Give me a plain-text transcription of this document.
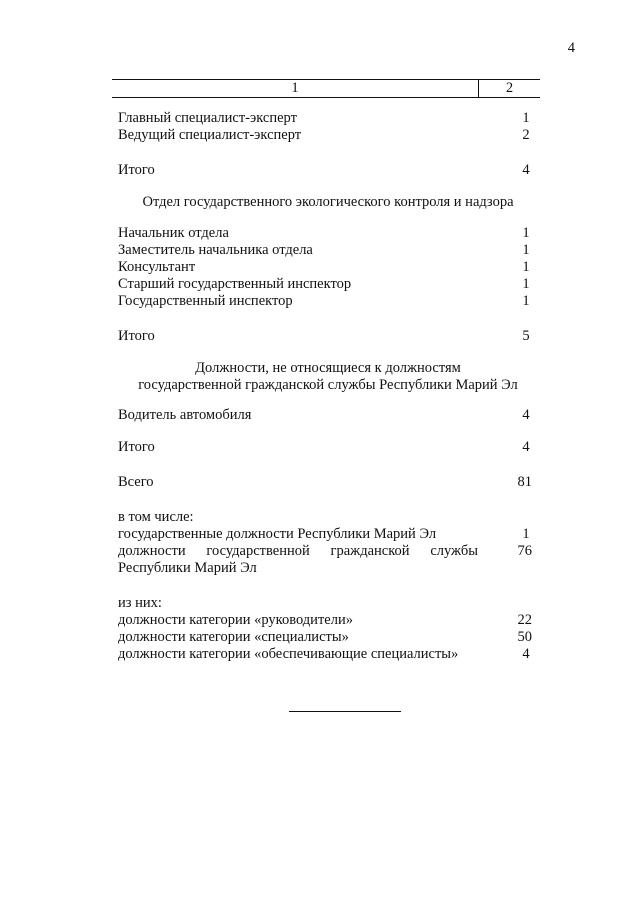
4
1	2
Главный специалист-эксперт	1
Ведущий специалист-эксперт	2
Итого	4
Отдел государственного экологического контроля и надзора
Начальник отдела	1
Заместитель начальника отдела	1
Консультант	1
Старший государственный инспектор	1
Государственный инспектор	1
Итого	5
Должности, не относящиеся к должностям
государственной гражданской службы Республики Марий Эл
Водитель автомобиля	4
Итого	4
Всего	81
в том числе:
государственные должности Республики Марий Эл	1
должности государственной гражданской службы	76
Республики Марий Эл
из них:
должности категории «руководители»	22
должности категории «специалисты»	50
должности категории «обеспечивающие специалисты»	4
